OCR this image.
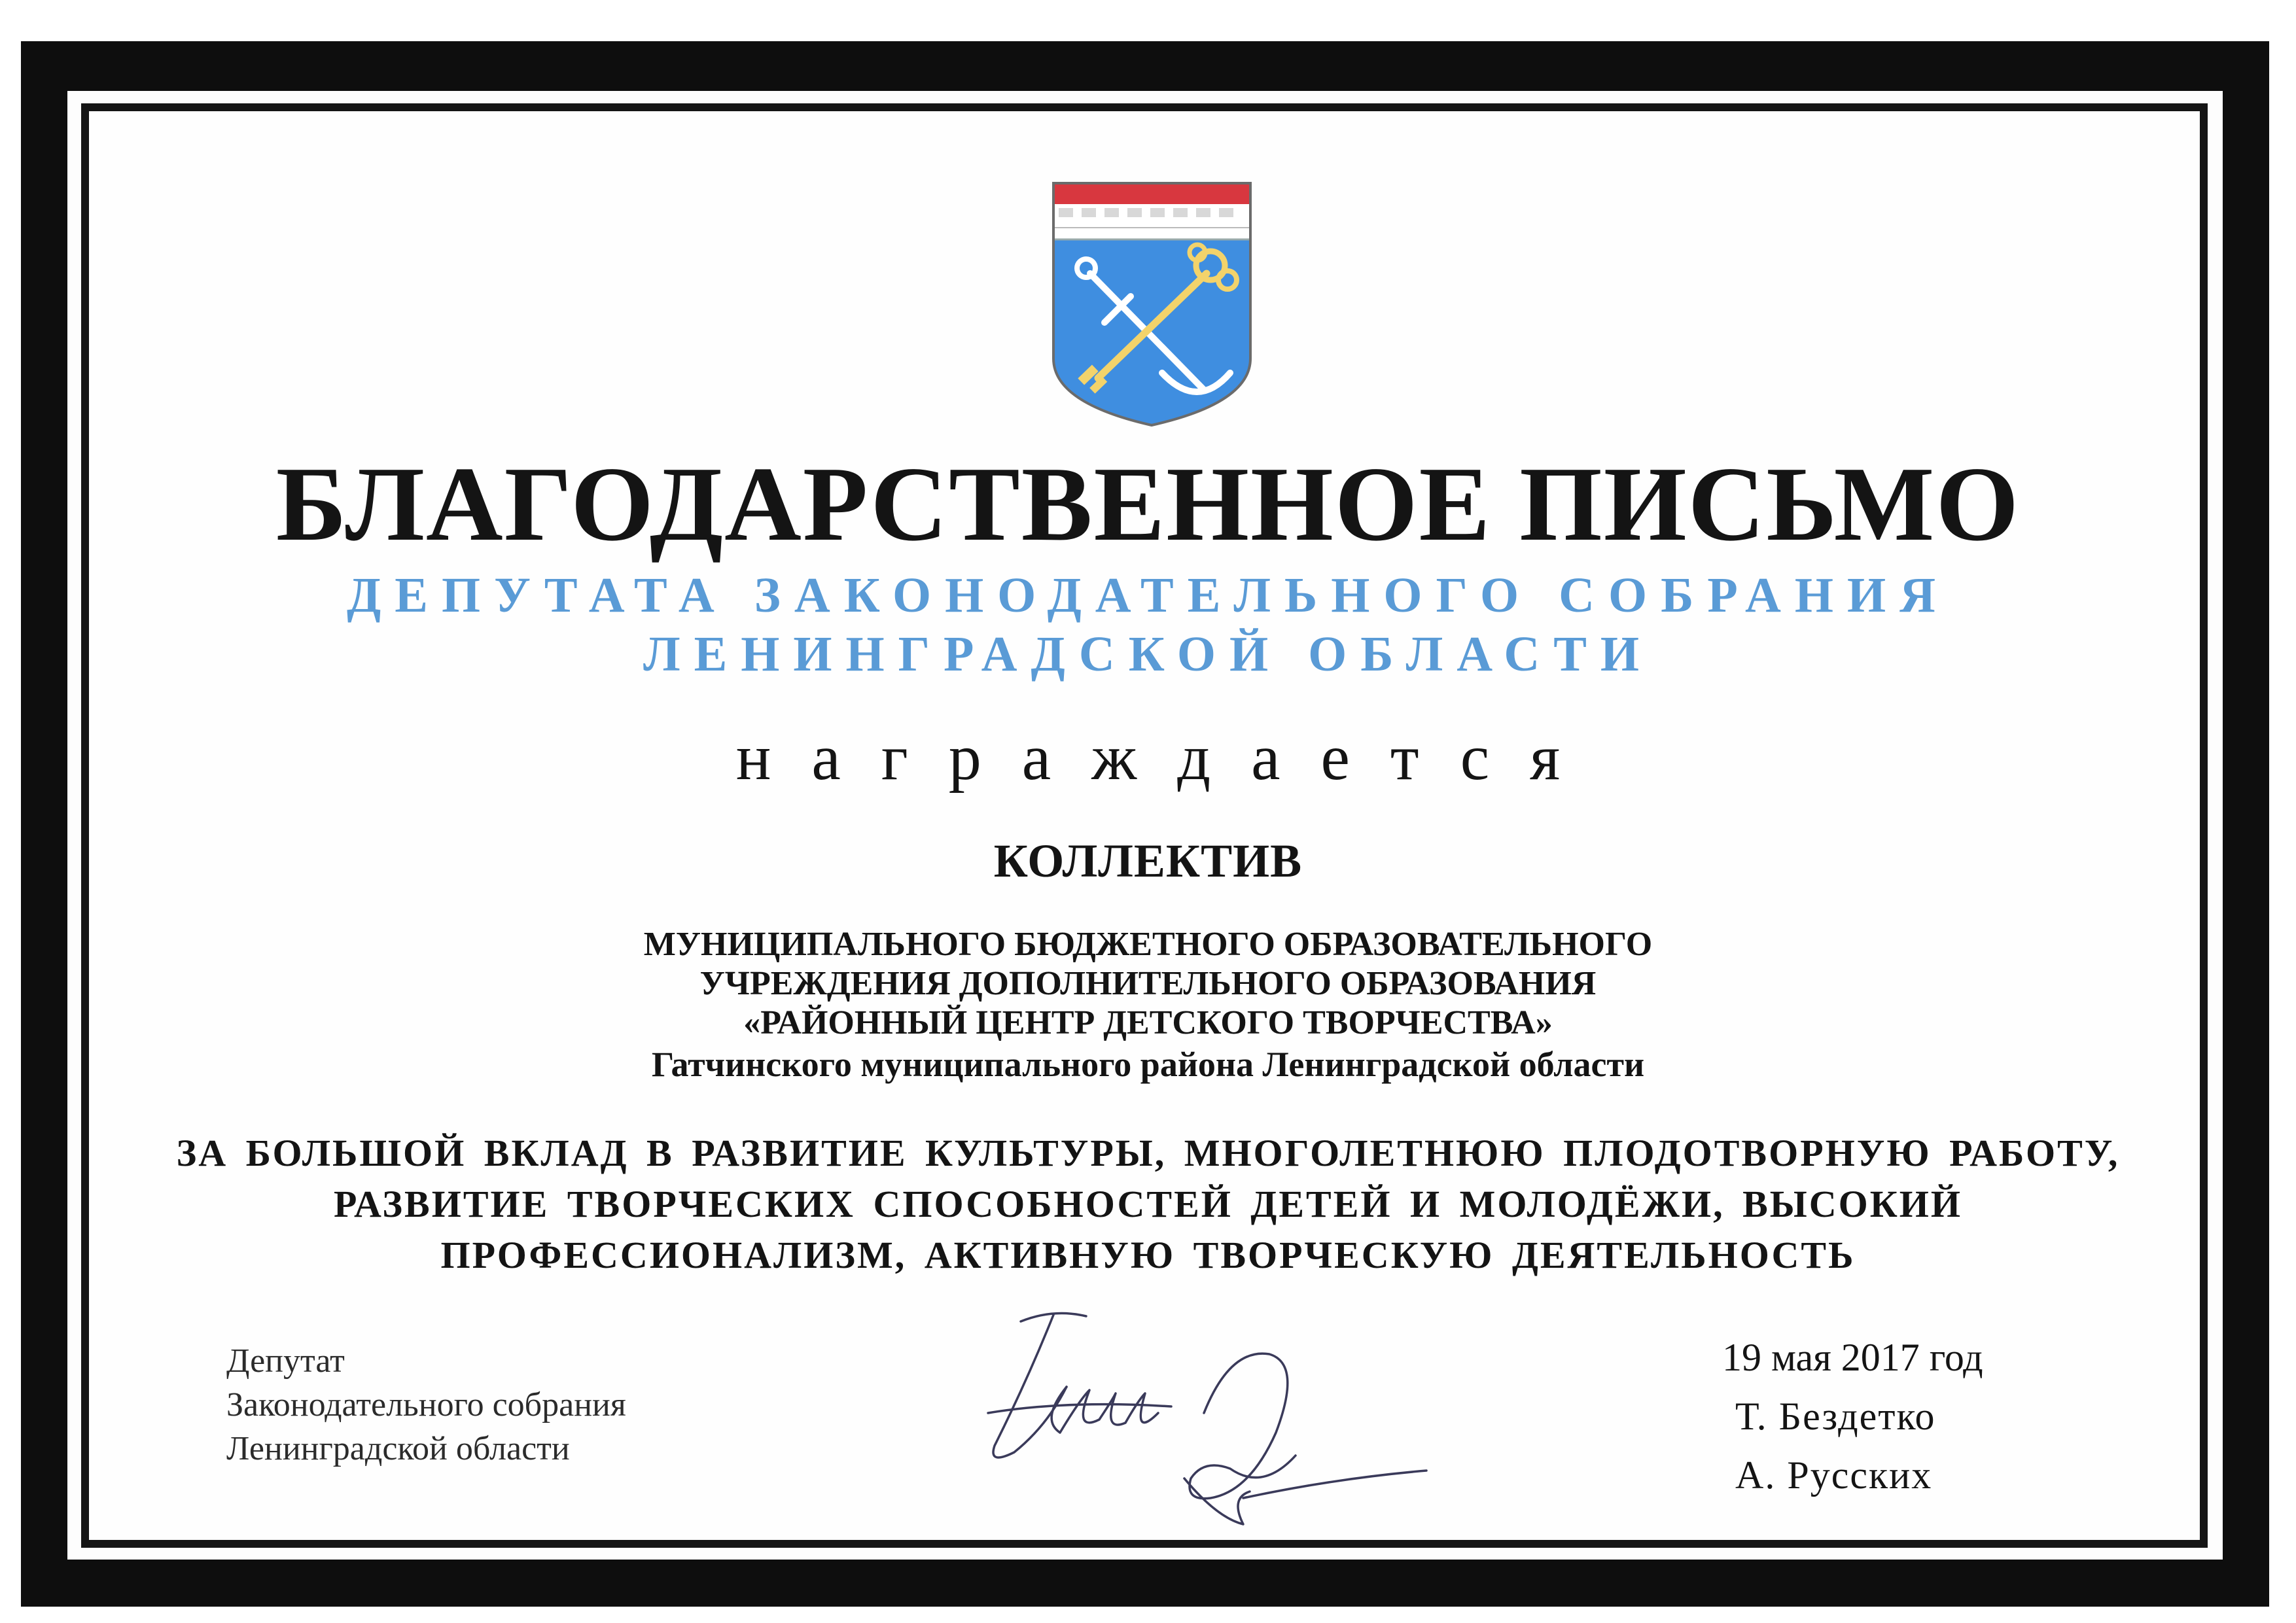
БЛАГОДАРСТВЕННОЕ ПИСЬМО
ДЕПУТАТА ЗАКОНОДАТЕЛЬНОГО СОБРАНИЯ
ЛЕНИНГРАДСКОЙ ОБЛАСТИ
награждается
КОЛЛЕКТИВ
МУНИЦИПАЛЬНОГО БЮДЖЕТНОГО ОБРАЗОВАТЕЛЬНОГО
УЧРЕЖДЕНИЯ ДОПОЛНИТЕЛЬНОГО ОБРАЗОВАНИЯ
«РАЙОННЫЙ ЦЕНТР ДЕТСКОГО ТВОРЧЕСТВА»
Гатчинского муниципального района Ленинградской области
ЗА БОЛЬШОЙ ВКЛАД В РАЗВИТИЕ КУЛЬТУРЫ, МНОГОЛЕТНЮЮ ПЛОДОТВОРНУЮ РАБОТУ,
РАЗВИТИЕ ТВОРЧЕСКИХ СПОСОБНОСТЕЙ ДЕТЕЙ И МОЛОДЁЖИ, ВЫСОКИЙ
ПРОФЕССИОНАЛИЗМ, АКТИВНУЮ ТВОРЧЕСКУЮ ДЕЯТЕЛЬНОСТЬ
Депутат
Законодательного собрания
Ленинградской области
19 мая 2017 год
Т. Бездетко
А. Русских
